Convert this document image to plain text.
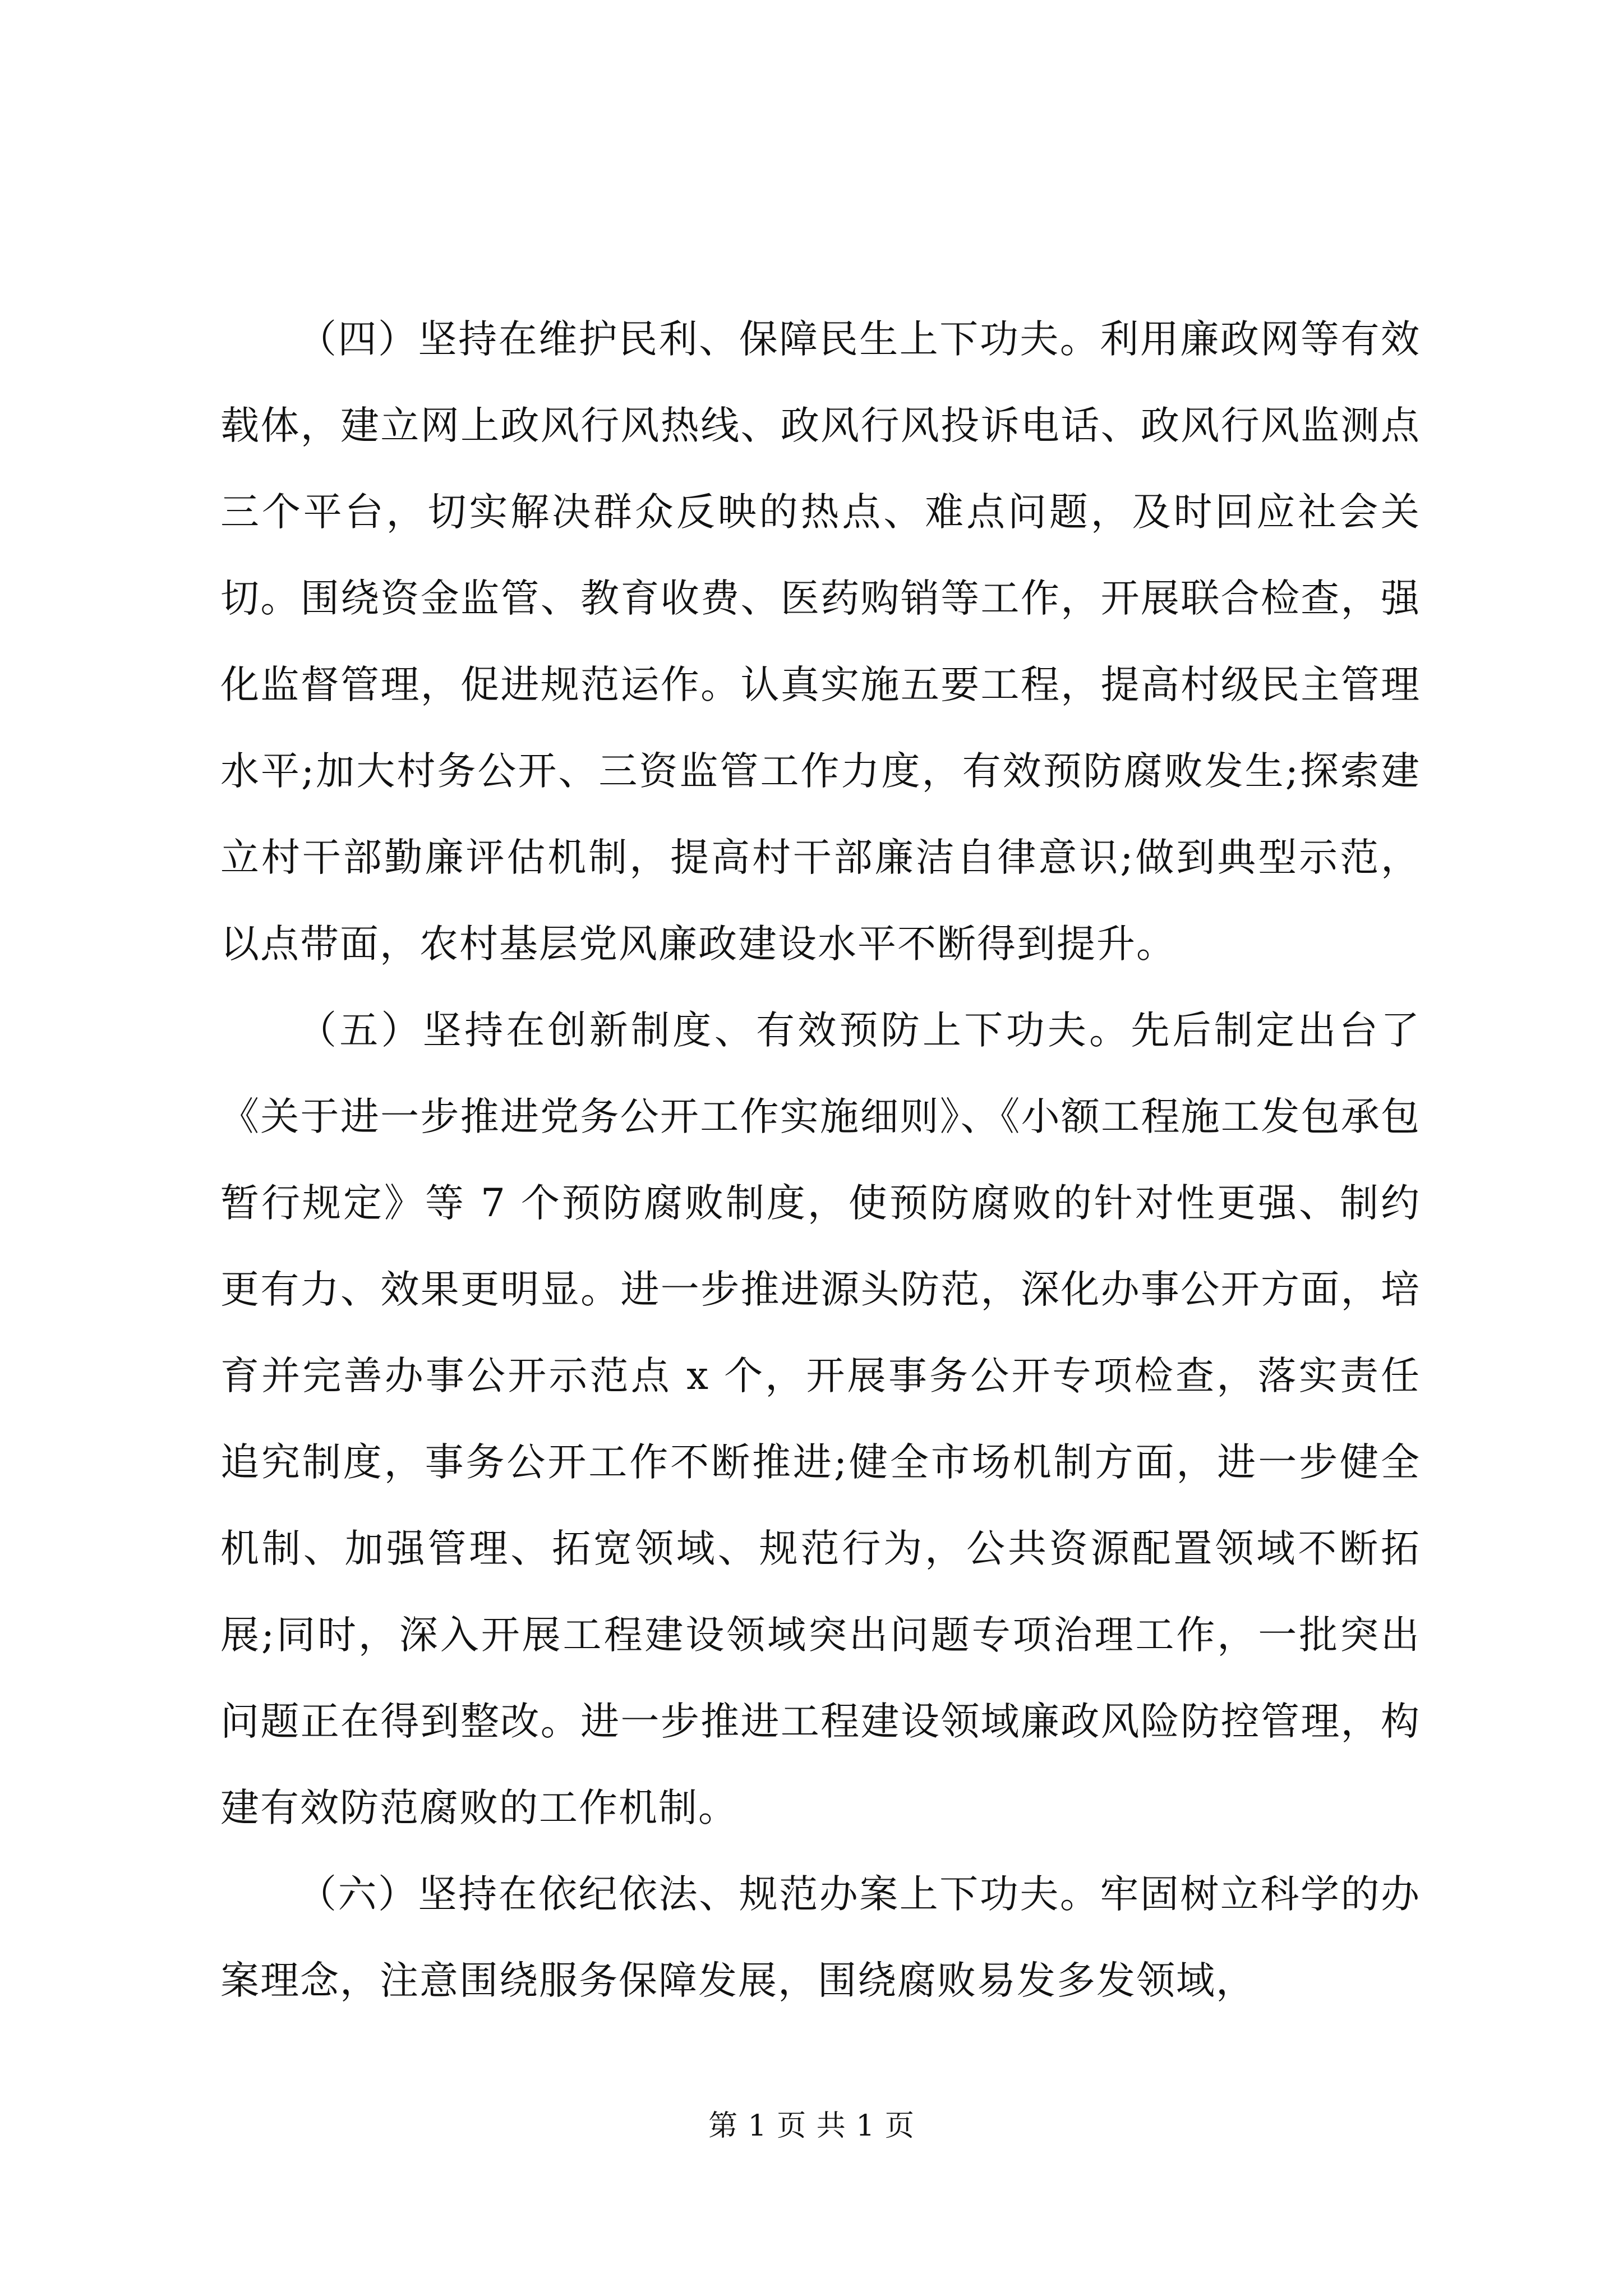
（四）坚持在维护民利、保障民生上下功夫。利用廉政网等有效载体，建立网上政风行风热线、政风行风投诉电话、政风行风监测点三个平台，切实解决群众反映的热点、难点问题，及时回应社会关切。围绕资金监管、教育收费、医药购销等工作，开展联合检查，强化监督管理，促进规范运作。认真实施五要工程，提高村级民主管理水平;加大村务公开、三资监管工作力度，有效预防腐败发生;探索建立村干部勤廉评估机制，提高村干部廉洁自律意识;做到典型示范，以点带面，农村基层党风廉政建设水平不断得到提升。

（五）坚持在创新制度、有效预防上下功夫。先后制定出台了《关于进一步推进党务公开工作实施细则》、《小额工程施工发包承包暂行规定》等 7 个预防腐败制度，使预防腐败的针对性更强、制约更有力、效果更明显。进一步推进源头防范，深化办事公开方面，培育并完善办事公开示范点 x 个，开展事务公开专项检查，落实责任追究制度，事务公开工作不断推进;健全市场机制方面，进一步健全机制、加强管理、拓宽领域、规范行为，公共资源配置领域不断拓展;同时，深入开展工程建设领域突出问题专项治理工作，一批突出问题正在得到整改。进一步推进工程建设领域廉政风险防控管理，构建有效防范腐败的工作机制。

（六）坚持在依纪依法、规范办案上下功夫。牢固树立科学的办案理念，注意围绕服务保障发展，围绕腐败易发多发领域，

第 1 页 共 1 页
